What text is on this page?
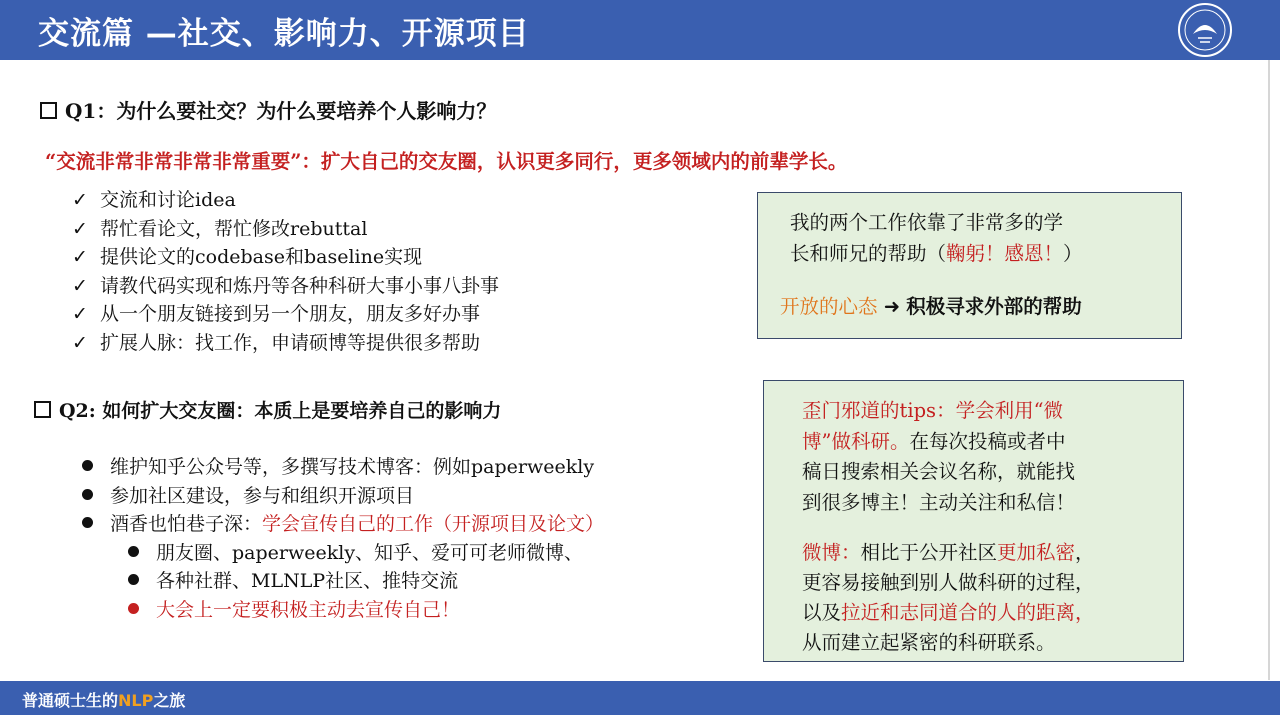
交流篇 —社交、影响力、开源项目
Q1：为什么要社交？为什么要培养个人影响力？
“交流非常非常非常非常重要”：扩大自己的交友圈，认识更多同行，更多领域内的前辈学长。
✓ 交流和讨论idea
✓ 帮忙看论文，帮忙修改rebuttal
✓ 提供论文的codebase和baseline实现
✓ 请教代码实现和炼丹等各种科研大事小事八卦事
✓ 从一个朋友链接到另一个朋友，朋友多好办事
✓ 扩展人脉：找工作，申请硕博等提供很多帮助
Q2: 如何扩大交友圈：本质上是要培养自己的影响力
维护知乎公众号等，多撰写技术博客：例如paperweekly
参加社区建设，参与和组织开源项目
酒香也怕巷子深：学会宣传自己的工作（开源项目及论文）
朋友圈、paperweekly、知乎、爱可可老师微博、
各种社群、MLNLP社区、推特交流
大会上一定要积极主动去宣传自己！

我的两个工作依靠了非常多的学

长和师兄的帮助（鞠躬！感恩！）

开放的心态 ➜ 积极寻求外部的帮助

歪门邪道的tips：学会利用“微

博”做科研。在每次投稿或者中

稿日搜索相关会议名称，就能找

到很多博主！主动关注和私信！

微博：相比于公开社区更加私密，

更容易接触到别人做科研的过程，

以及拉近和志同道合的人的距离，

从而建立起紧密的科研联系。

普通硕士生的NLP之旅
